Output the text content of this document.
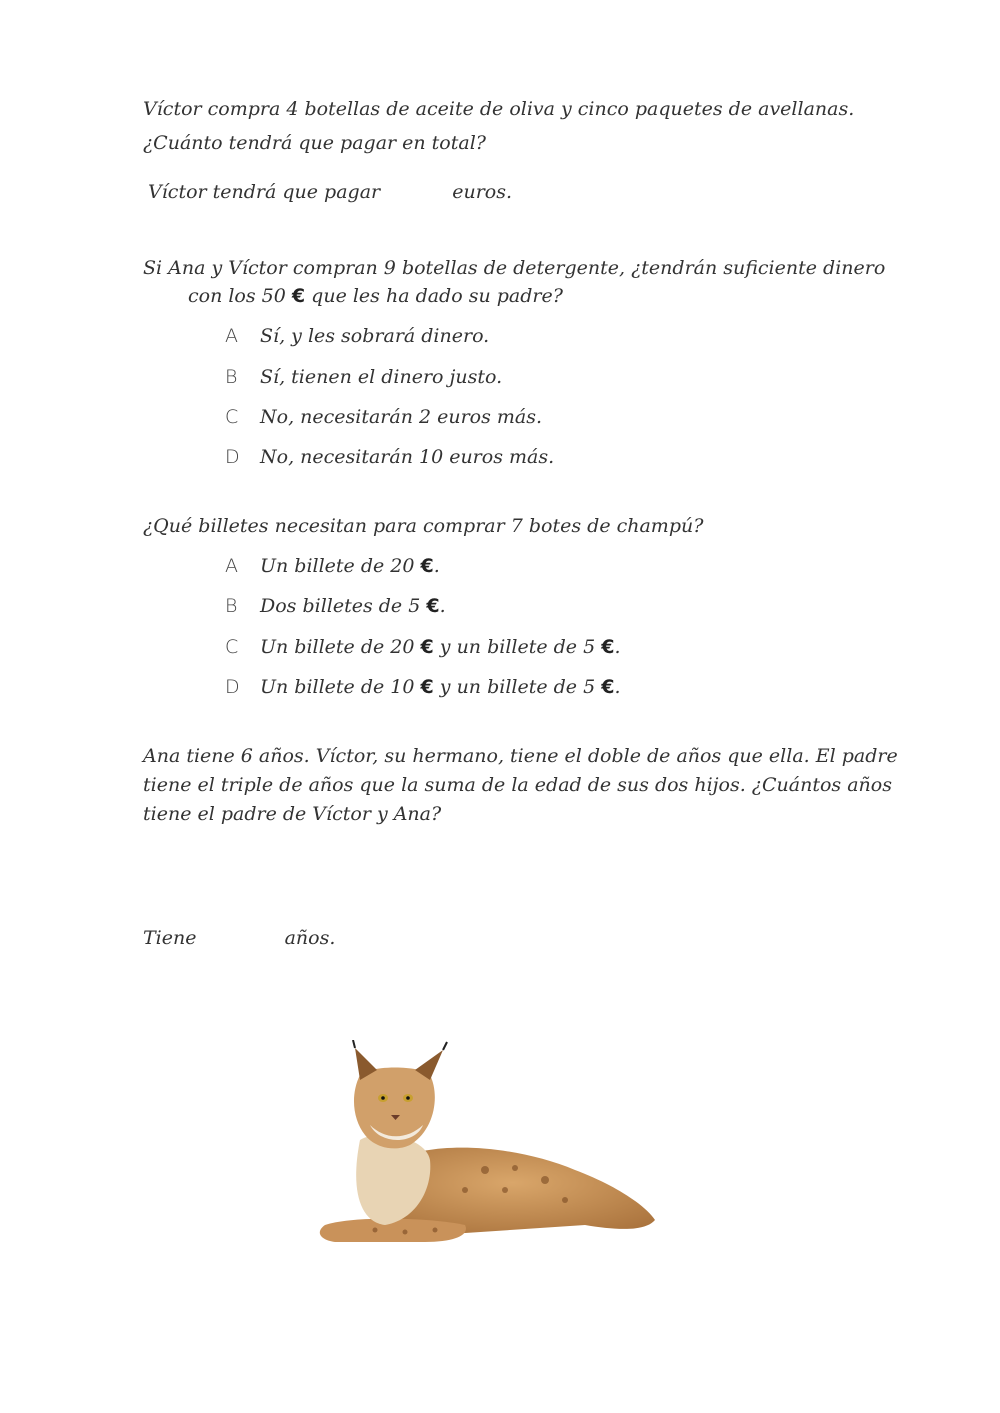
Víctor compra 4 botellas de aceite de oliva y cinco paquetes de avellanas.
¿Cuánto tendrá que pagar en total?
Víctor tendrá que pagar	euros.
Si Ana y Víctor compran 9 botellas de detergente, ¿tendrán suficiente dinero
con los 50 € que les ha dado su padre?
A Sí, y les sobrará dinero.
B Sí, tienen el dinero justo.
C No, necesitarán 2 euros más.
D No, necesitarán 10 euros más.
¿Qué billetes necesitan para comprar 7 botes de champú?
A Un billete de 20 €.
B Dos billetes de 5 €.
C Un billete de 20 € y un billete de 5 €.
D Un billete de 10 € y un billete de 5 €.
Ana tiene 6 años. Víctor, su hermano, tiene el doble de años que ella. El padre
tiene el triple de años que la suma de la edad de sus dos hijos. ¿Cuántos años
tiene el padre de Víctor y Ana?
Tiene	años.
